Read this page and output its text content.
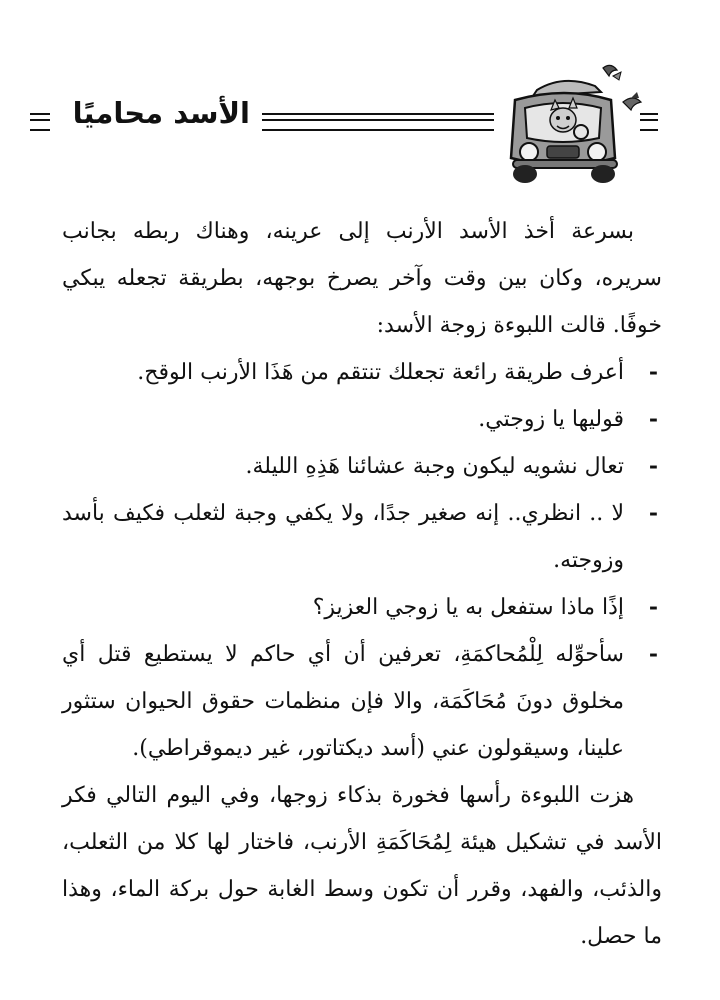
الأسد محاميًا

بسرعة أخذ الأسد الأرنب إلى عرينه، وهناك ربطه بجانب سريره، وكان بين وقت وآخر يصرخ بوجهه، بطريقة تجعله يبكي خوفًا. قالت اللبوءة زوجة الأسد:

- أعرف طريقة رائعة تجعلك تنتقم من هَذَا الأرنب الوقح.
- قوليها يا زوجتي.
- تعال نشويه ليكون وجبة عشائنا هَذِهِ الليلة.
- لا .. انظري.. إنه صغير جدًا، ولا يكفي وجبة لثعلب فكيف بأسد وزوجته.
- إذًا ماذا ستفعل به يا زوجي العزيز؟
- سأحوِّله لِلْمُحاكمَةِ، تعرفين أن أي حاكم لا يستطيع قتل أي مخلوق دونَ مُحَاكَمَة، والا فإن منظمات حقوق الحيوان ستثور علينا، وسيقولون عني (أسد ديكتاتور، غير ديموقراطي).

هزت اللبوءة رأسها فخورة بذكاء زوجها، وفي اليوم التالي فكر الأسد في تشكيل هيئة لِمُحَاكَمَةِ الأرنب، فاختار لها كلا من الثعلب، والذئب، والفهد، وقرر أن تكون وسط الغابة حول بركة الماء، وهذا ما حصل.
